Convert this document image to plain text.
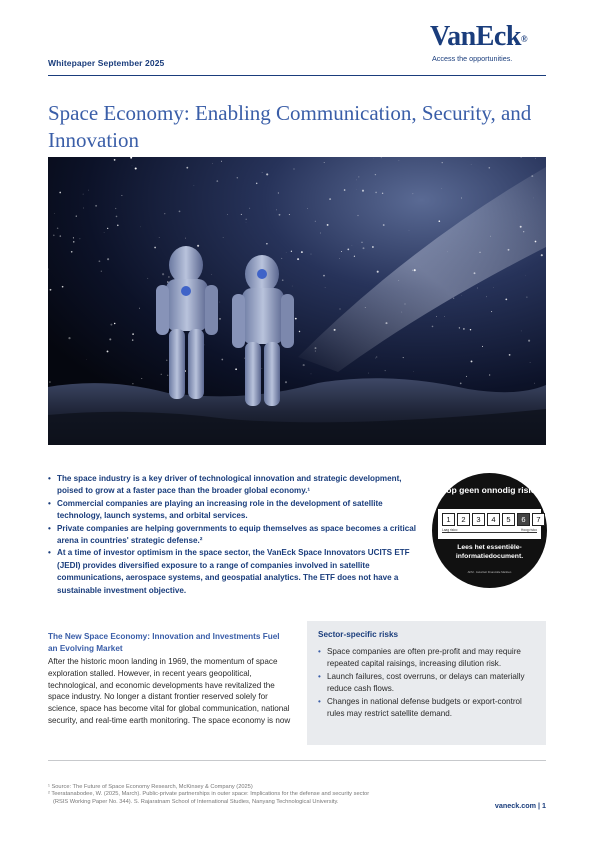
Whitepaper September 2025
VanEck®
Access the opportunities.
Space Economy: Enabling Communication, Security, and Innovation
• The space industry is a key driver of technological innovation and strategic development, poised to grow at a faster pace than the broader global economy.¹
• Commercial companies are playing an increasing role in the development of satellite technology, launch systems, and orbital services.
• Private companies are helping governments to equip themselves as space becomes a critical arena in countries' strategic defense.²
• At a time of investor optimism in the space sector, the VanEck Space Innovators UCITS ETF (JEDI) provides diversified exposure to a range of companies involved in satellite communications, aerospace systems, and geospatial analytics. The ETF does not have a sustainable investment objective.
Loop geen onnodig risico.
1	2	3	4	5	6	7
Laag risico	Hoog risico
Lees het essentiële-informatiedocument.
AFM · Autoriteit Financiële Markten
The New Space Economy: Innovation and Investments Fuel an Evolving Market
After the historic moon landing in 1969, the momentum of space exploration stalled. However, in recent years geopolitical, technological, and economic developments have revitalized the space industry. No longer a distant frontier reserved solely for science, space has become vital for global communication, national security, and real-time earth monitoring. The space economy is now
Sector-specific risks
• Space companies are often pre-profit and may require repeated capital raisings, increasing dilution risk.
• Launch failures, cost overruns, or delays can materially reduce cash flows.
• Changes in national defense budgets or export-control rules may restrict satellite demand.
¹ Source: The Future of Space Economy Research, McKinsey & Company (2025)
² Teeratanabodee, W. (2025, March). Public-private partnerships in outer space: Implications for the defense and security sector
(RSIS Working Paper No. 344). S. Rajaratnam School of International Studies, Nanyang Technological University.	vaneck.com | 1
